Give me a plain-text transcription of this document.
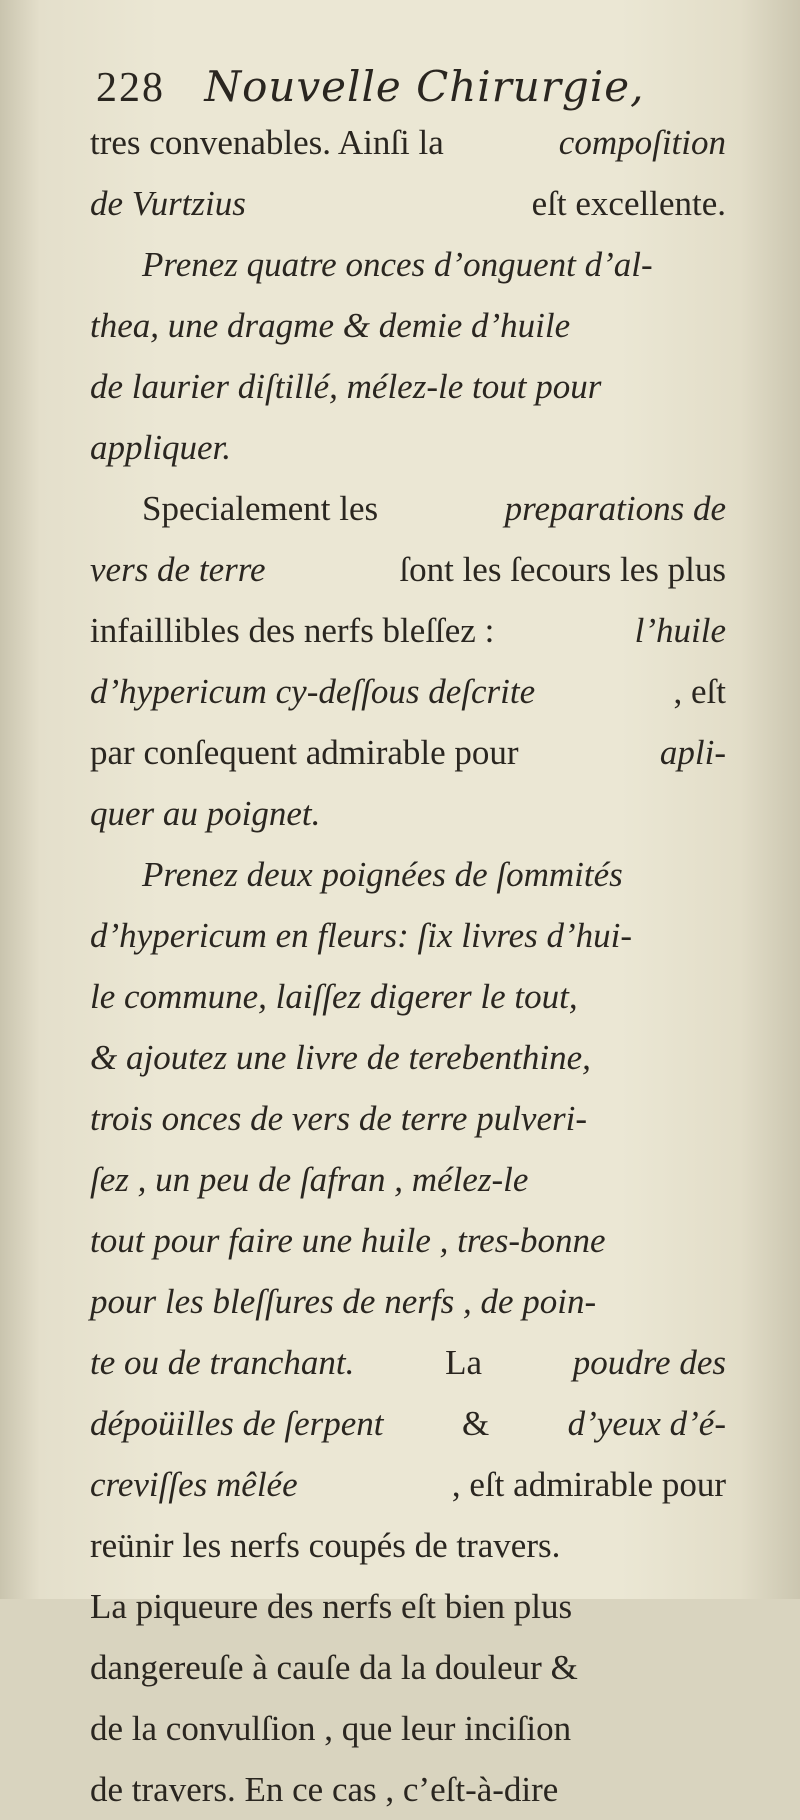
228 Nouvelle Chirurgie,
tres convenables. Ainſi la	compoſition
de Vurtzius	eſt excellente.
Prenez quatre onces d’onguent d’al-
thea, une dragme & demie d’huile
de laurier diſtillé, mélez-le tout pour
appliquer.
Specialement les	preparations de
vers de terre	ſont les ſecours les plus
infaillibles des nerfs bleſſez :	l’huile
d’hypericum cy-deſſous deſcrite	, eſt
par conſequent admirable pour	apli-
quer au poignet.
Prenez deux poignées de ſommités
d’hypericum en fleurs: ſix livres d’hui-
le commune, laiſſez digerer le tout,
& ajoutez une livre de terebenthine,
trois onces de vers de terre pulveri-
ſez , un peu de ſafran , mélez-le
tout pour faire une huile , tres-bonne
pour les bleſſures de nerfs , de poin-
te ou de tranchant.	La	poudre des
dépoüilles de ſerpent & d’yeux d’é-
creviſſes mêlée	, eſt admirable pour
reünir les nerfs coupés de travers.
La piqueure des nerfs eſt bien plus
dangereuſe à cauſe da la douleur &
de la convulſion , que leur inciſion
de travers. En ce cas , c’eſt-à-dire
